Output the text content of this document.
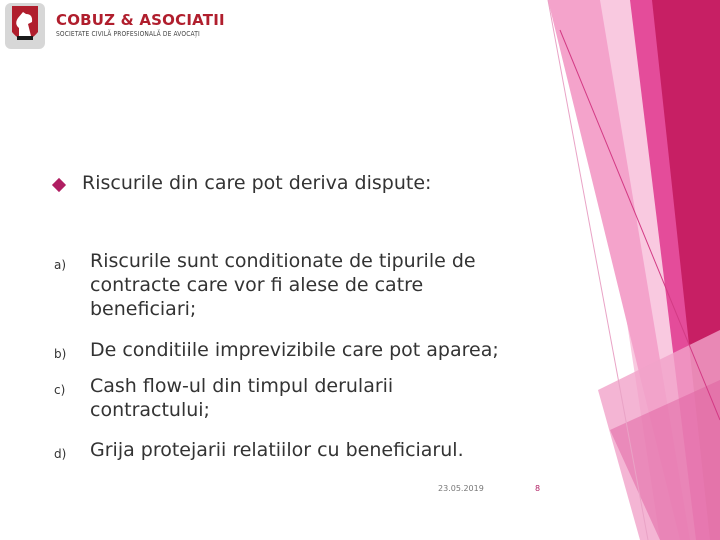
COBUZ & ASOCIATII
SOCIETATE CIVILĂ PROFESIONALĂ DE AVOCAȚI
Riscurile din care pot deriva dispute:
a) Riscurile sunt conditionate de tipurile de
contracte care vor fi alese de catre
beneficiari;
b) De conditiile imprevizibile care pot aparea;
c) Cash flow-ul din timpul derularii
contractului;
d) Grija protejarii relatiilor cu beneficiarul.
23.05.2019	8
